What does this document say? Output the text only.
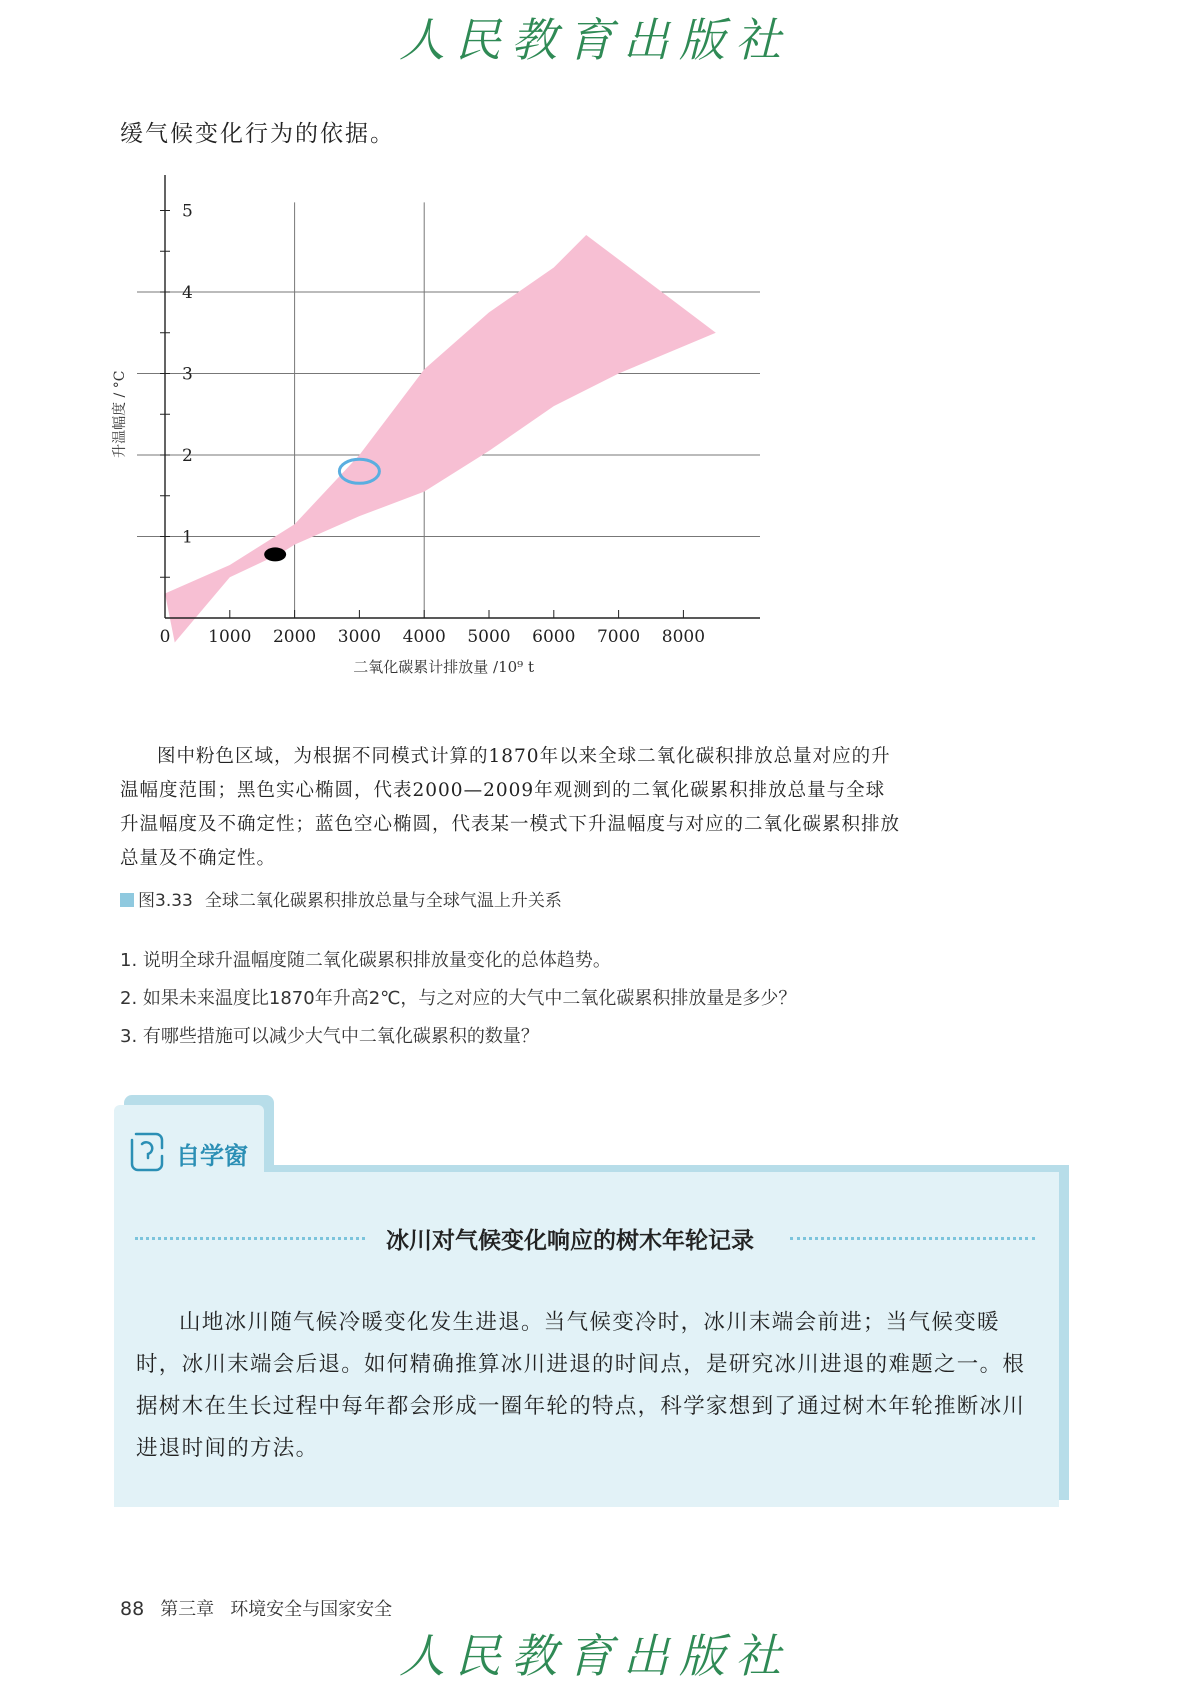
人民教育出版社
缓气候变化行为的依据。
0 1000 2000 3000 4000 5000 6000 7000 8000
1
2
3
4
5
二氧化碳累计排放量 /10⁹ t
升温幅度 / °C
图中粉色区域，为根据不同模式计算的1870年以来全球二氧化碳积排放总量对应的升温幅度范围；黑色实心椭圆，代表2000—2009年观测到的二氧化碳累积排放总量与全球升温幅度及不确定性；蓝色空心椭圆，代表某一模式下升温幅度与对应的二氧化碳累积排放总量及不确定性。
图3.33 全球二氧化碳累积排放总量与全球气温上升关系
1. 说明全球升温幅度随二氧化碳累积排放量变化的总体趋势。
2. 如果未来温度比1870年升高2℃，与之对应的大气中二氧化碳累积排放量是多少？
3. 有哪些措施可以减少大气中二氧化碳累积的数量？
自学窗
冰川对气候变化响应的树木年轮记录
山地冰川随气候冷暖变化发生进退。当气候变冷时，冰川末端会前进；当气候变暖时，冰川末端会后退。如何精确推算冰川进退的时间点，是研究冰川进退的难题之一。根据树木在生长过程中每年都会形成一圈年轮的特点，科学家想到了通过树木年轮推断冰川进退时间的方法。
88 第三章 环境安全与国家安全
人民教育出版社
